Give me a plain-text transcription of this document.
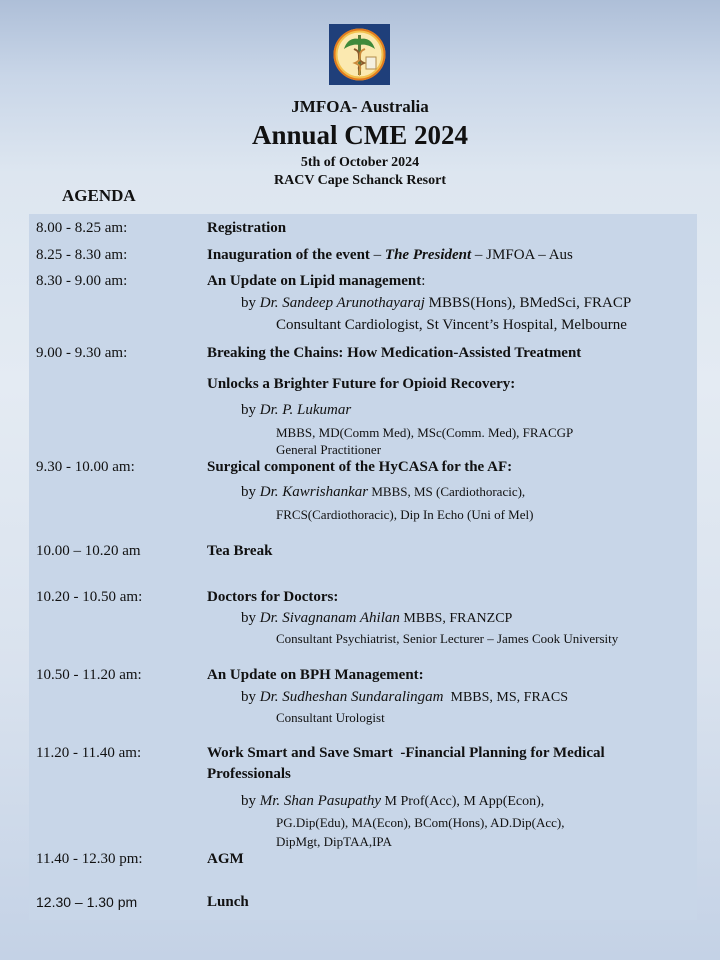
JMFOA- Australia
Annual CME 2024
5th of October 2024
RACV Cape Schanck Resort
AGENDA
8.00 - 8.25 am:	Registration
8.25 - 8.30 am:	Inauguration of the event – The President – JMFOA – Aus
8.30 - 9.00 am:	An Update on Lipid management:
by Dr. Sandeep Arunothayaraj MBBS(Hons), BMedSci, FRACP
Consultant Cardiologist, St Vincent’s Hospital, Melbourne
9.00 - 9.30 am:	Breaking the Chains: How Medication-Assisted Treatment
Unlocks a Brighter Future for Opioid Recovery:
by Dr. P. Lukumar
MBBS, MD(Comm Med), MSc(Comm. Med), FRACGP
General Practitioner
9.30 - 10.00 am:	Surgical component of the HyCASA for the AF:
by Dr. Kawrishankar MBBS, MS (Cardiothoracic),
FRCS(Cardiothoracic), Dip In Echo (Uni of Mel)
10.00 – 10.20 am	Tea Break
10.20 - 10.50 am:	Doctors for Doctors:
by Dr. Sivagnanam Ahilan MBBS, FRANZCP
Consultant Psychiatrist, Senior Lecturer – James Cook University
10.50 - 11.20 am:	An Update on BPH Management:
by Dr. Sudheshan Sundaralingam  MBBS, MS, FRACS
Consultant Urologist
11.20 - 11.40 am:	Work Smart and Save Smart  -Financial Planning for Medical
Professionals
by Mr. Shan Pasupathy M Prof(Acc), M App(Econ),
PG.Dip(Edu), MA(Econ), BCom(Hons), AD.Dip(Acc),
DipMgt, DipTAA,IPA
11.40 - 12.30 pm:	AGM
12.30 – 1.30 pm	Lunch
